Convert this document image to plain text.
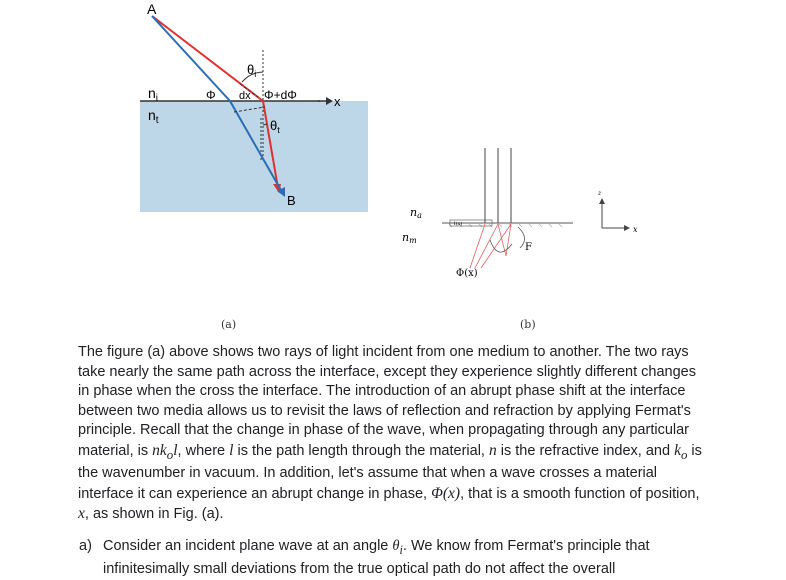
A
B
$n_i$
$n_t$
$\theta_i$
$\theta_t$
Φ dx Φ+dΦ	x
na
nm
l(x)
F
Φ(x)
z
x
(a)	(b)

The figure (a) above shows two rays of light incident from one medium to another. The two rays take nearly the same path across the interface, except they experience slightly different changes in phase when the cross the interface. The introduction of an abrupt phase shift at the interface between two media allows us to revisit the laws of reflection and refraction by applying Fermat's principle. Recall that the change in phase of the wave, when propagating through any particular material, is $nk_ol$, where l is the path length through the material, n is the refractive index, and $k_o$ is the wavenumber in vacuum. In addition, let's assume that when a wave crosses a material interface it can experience an abrupt change in phase, Φ(x), that is a smooth function of position, x, as shown in Fig. (a).

a) Consider an incident plane wave at an angle $\theta_i$. We know from Fermat's principle that infinitesimally small deviations from the true optical path do not affect the overall
